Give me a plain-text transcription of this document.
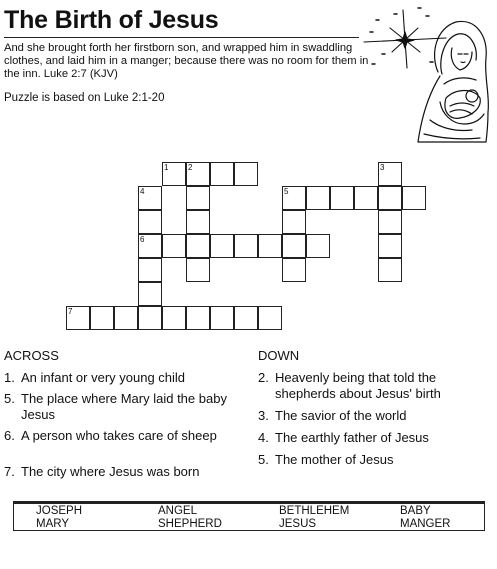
The Birth of Jesus
And she brought forth her firstborn son, and wrapped him in swaddling clothes, and laid him in a manger; because there was no room for them in the inn. Luke 2:7 (KJV)
Puzzle is based on Luke 2:1-20
1 2	3
4
6
5
7
ACROSS	DOWN
1. An infant or very young child
5. The place where Mary laid the baby Jesus
6. A person who takes care of sheep
7. The city where Jesus was born
2. Heavenly being that told the shepherds about Jesus' birth
3. The savior of the world
4. The earthly father of Jesus
5. The mother of Jesus
JOSEPH
MARY
ANGEL
SHEPHERD
BETHLEHEM
JESUS
BABY
MANGER
